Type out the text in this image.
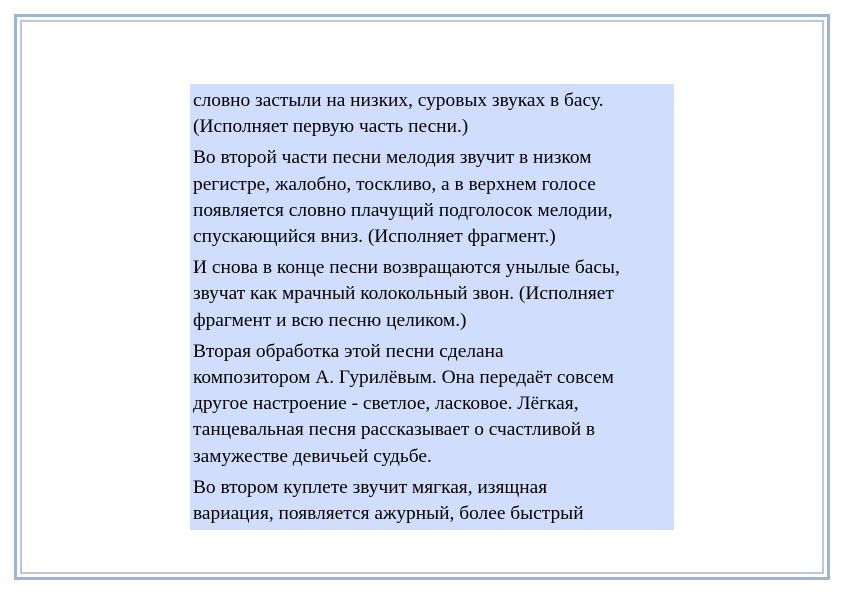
словно застыли на низких, суровых звуках в басу.
(Исполняет первую часть песни.)

Во второй части песни мелодия звучит в низком
регистре, жалобно, тоскливо, а в верхнем голосе
появляется словно плачущий подголосок мелодии,
спускающийся вниз. (Исполняет фрагмент.)

И снова в конце песни возвращаются унылые басы,
звучат как мрачный колокольный звон. (Исполняет
фрагмент и всю песню целиком.)

Вторая обработка этой песни сделана
композитором А. Гурилёвым. Она передаёт совсем
другое настроение - светлое, ласковое. Лёгкая,
танцевальная песня рассказывает о счастливой в
замужестве девичьей судьбе.

Во втором куплете звучит мягкая, изящная
вариация, появляется ажурный, более быстрый
